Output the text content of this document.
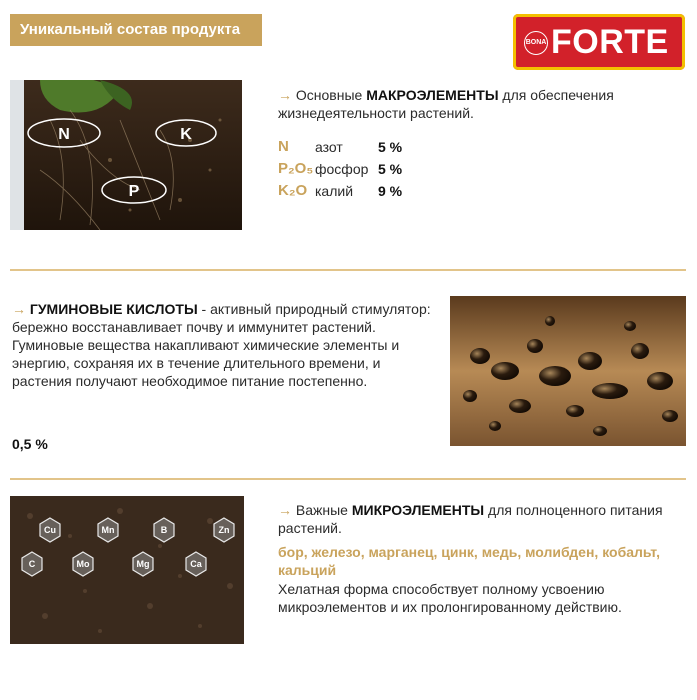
Уникальный состав продукта
BONA FORTE
N	K
P
→ Основные МАКРОЭЛЕМЕНТЫ для обеспечения жизнедеятельности растений.
N азот	5 %
P₂O₅ фосфор 5 %
K₂O калий 9 %
→ ГУМИНОВЫЕ КИСЛОТЫ - активный природный стимулятор: бережно восстанавливает почву и иммунитет растений. Гуминовые вещества накапливают химические элементы и энергию, сохраняя их в течение длительного времени, и растения получают необходимое питание постепенно.
0,5 %
Cu	Mn	B	Zn
C	Mo	Mg	Ca
→ Важные МИКРОЭЛЕМЕНТЫ для полноценного питания растений.
бор, железо, марганец, цинк, медь, молибден, кобальт, кальций
Хелатная форма способствует полному усвоению микроэлементов и их пролонгированному действию.
